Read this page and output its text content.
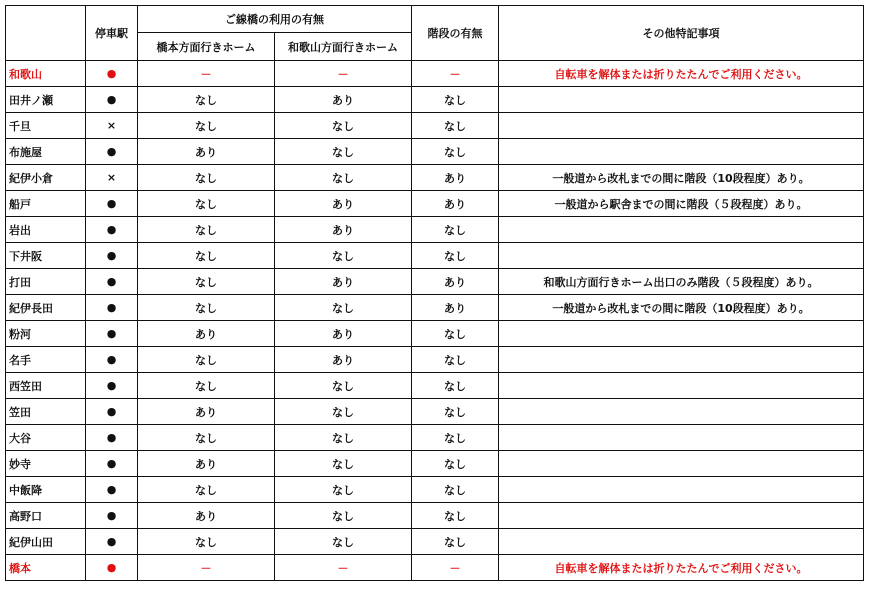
	停車駅	ご線橋の利用の有無		階段の有無	その他特記事項
		橋本方面行きホーム	和歌山方面行きホーム		
和歌山	●	－	－	－	自転車を解体または折りたたんでご利用ください。
田井ノ瀬	●	なし	あり	なし	
千旦	×	なし	なし	なし	
布施屋	●	あり	なし	なし	
紀伊小倉	×	なし	なし	あり	一般道から改札までの間に階段（10段程度）あり。
船戸	●	なし	あり	あり	一般道から駅舎までの間に階段（５段程度）あり。
岩出	●	なし	あり	なし	
下井阪	●	なし	なし	なし	
打田	●	なし	あり	あり	和歌山方面行きホーム出口のみ階段（５段程度）あり。
紀伊長田	●	なし	なし	あり	一般道から改札までの間に階段（10段程度）あり。
粉河	●	あり	あり	なし	
名手	●	なし	あり	なし	
西笠田	●	なし	なし	なし	
笠田	●	あり	なし	なし	
大谷	●	なし	なし	なし	
妙寺	●	あり	なし	なし	
中飯降	●	なし	なし	なし	
高野口	●	あり	なし	なし	
紀伊山田	●	なし	なし	なし	
橋本	●	－	－	－	自転車を解体または折りたたんでご利用ください。
